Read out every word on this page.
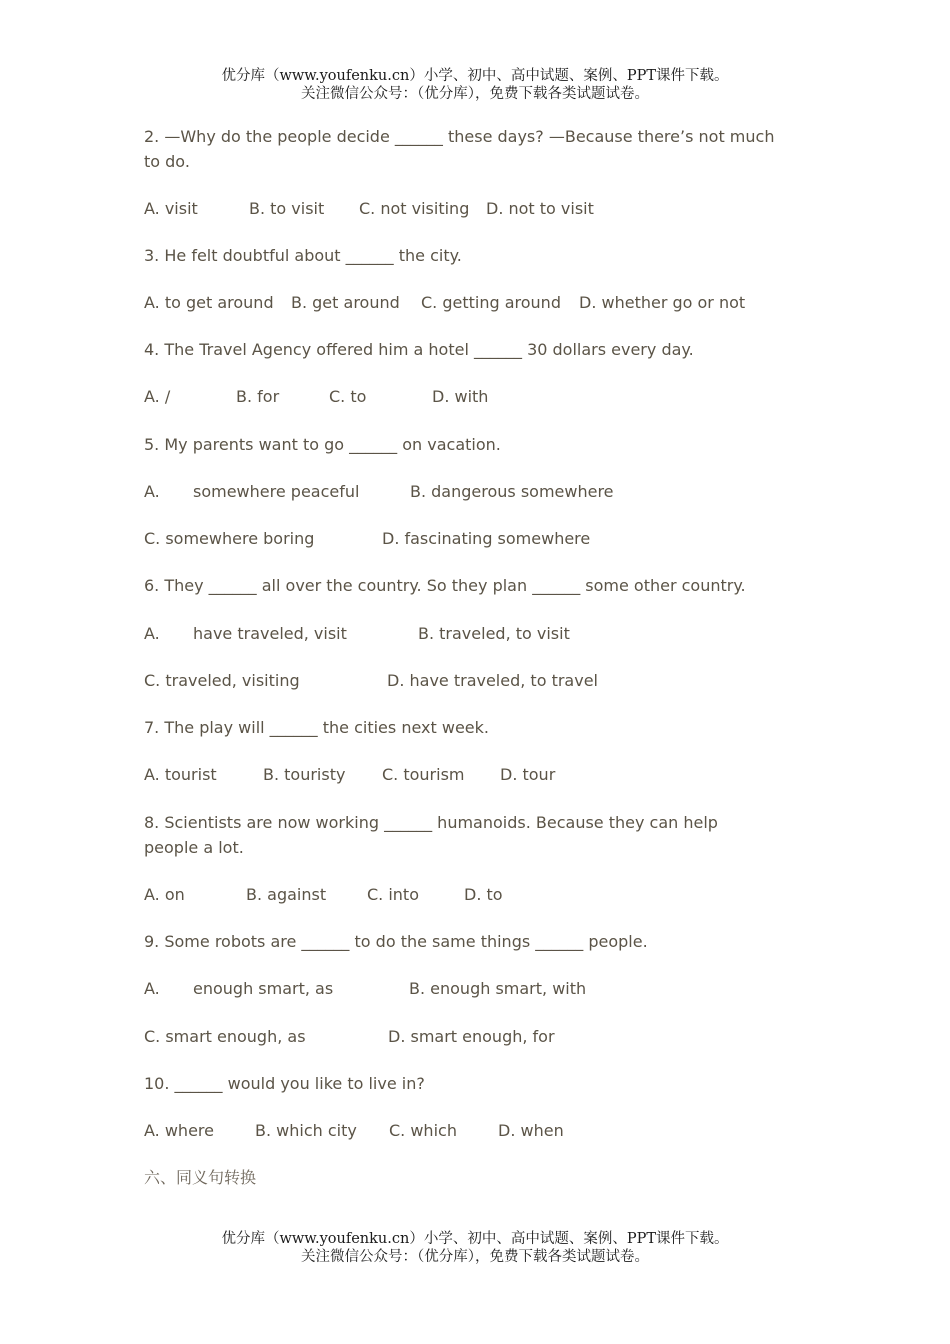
优分库（www.youfenku.cn）小学、初中、高中试题、案例、PPT课件下载。
关注微信公众号：（优分库），免费下载各类试题试卷。
2. —Why do the people decide ______ these days? —Because there’s not much
to do.
A. visit	B. to visit C. not visiting D. not to visit
3. He felt doubtful about ______ the city.
A. to get around B. get around C. getting around D. whether go or not
4. The Travel Agency offered him a hotel ______ 30 dollars every day.
A. /	B. for	C. to	D. with
5. My parents want to go ______ on vacation.
A. somewhere peaceful	B. dangerous somewhere
C. somewhere boring	D. fascinating somewhere
6. They ______ all over the country. So they plan ______ some other country.
A. have traveled, visit	B. traveled, to visit
C. traveled, visiting	D. have traveled, to travel
7. The play will ______ the cities next week.
A. tourist	B. touristy C. tourism D. tour
8. Scientists are now working ______ humanoids. Because they can help
people a lot.
A. on	B. against	C. into	D. to
9. Some robots are ______ to do the same things ______ people.
A. enough smart, as	B. enough smart, with
C. smart enough, as	D. smart enough, for
10. ______ would you like to live in?
A. where	B. which city C. which	D. when
六、同义句转换
优分库（www.youfenku.cn）小学、初中、高中试题、案例、PPT课件下载。
关注微信公众号：（优分库），免费下载各类试题试卷。
